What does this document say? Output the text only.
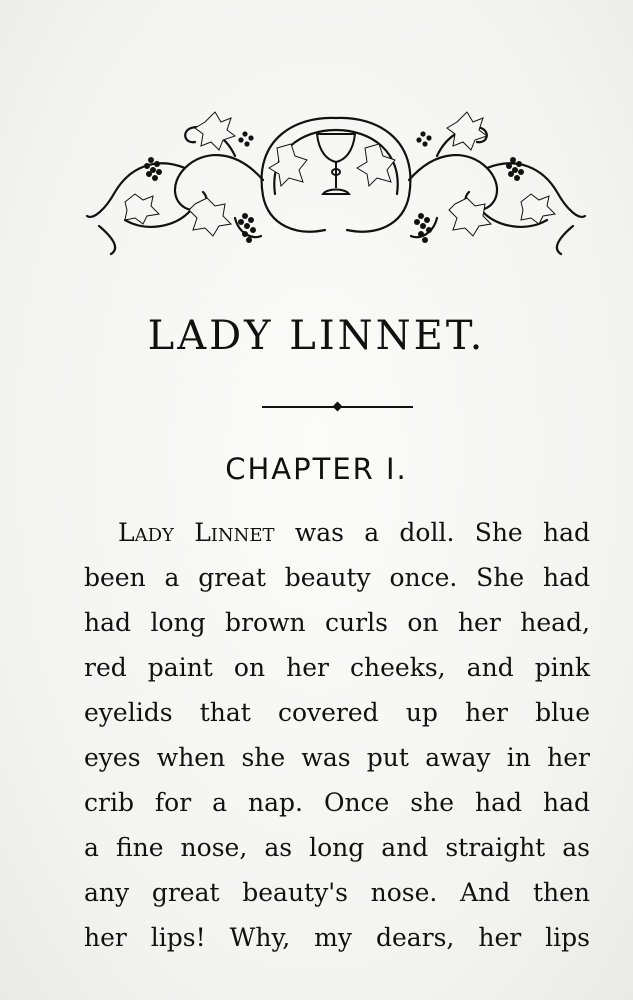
LADY LINNET.
CHAPTER I.
Lady Linnet was a doll. She had
been a great beauty once. She had
had long brown curls on her head,
red paint on her cheeks, and pink
eyelids that covered up her blue
eyes when she was put away in her
crib for a nap. Once she had had
a fine nose, as long and straight as
any great beauty's nose. And then
her lips! Why, my dears, her lips
